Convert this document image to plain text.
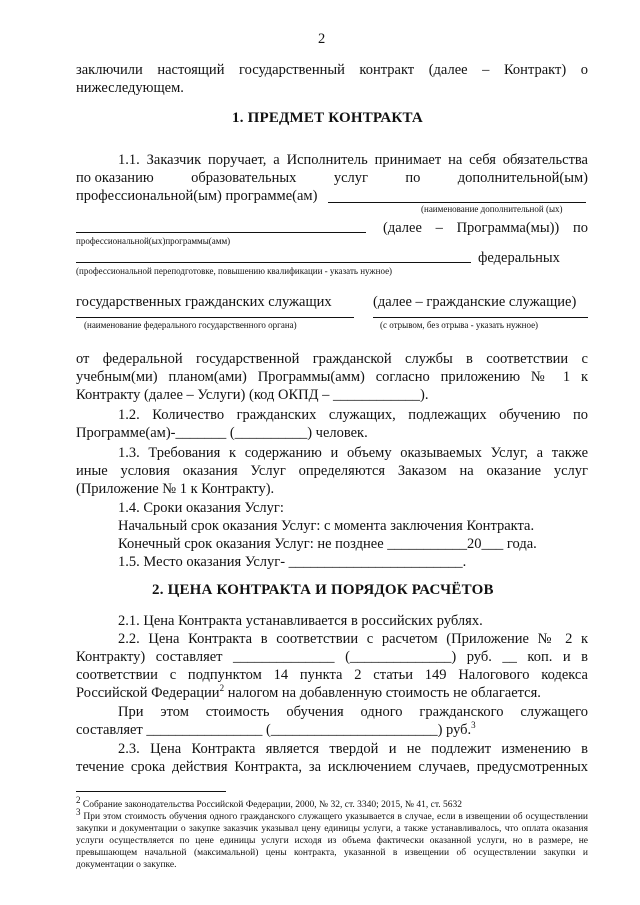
2
заключили настоящий государственный контракт (далее – Контракт) о
нижеследующем.
1. ПРЕДМЕТ КОНТРАКТА
1.1. Заказчик поручает, а Исполнитель принимает на себя обязательства
по оказанию	образовательных	услуг	по	дополнительной(ым)
профессиональной(ым) программе(ам)
(наименование дополнительной (ых)
(далее – Программа(мы)) по
профессиональной(ых)программы(амм)
федеральных
(профессиональной переподготовке, повышению квалификации - указать нужное)
государственных гражданских служащих	(далее – гражданские служащие)
(наименование федерального государственного органа)	(с отрывом, без отрыва - указать нужное)
от федеральной государственной гражданской службы в соответствии с
учебным(ми) планом(ами) Программы(амм) согласно приложению № 1 к
Контракту (далее – Услуги) (код ОКПД – ____________).
1.2. Количество гражданских служащих, подлежащих обучению по
Программе(ам)-_______ (__________) человек.
1.3. Требования к содержанию и объему оказываемых Услуг, а также
иные условия оказания Услуг определяются Заказом на оказание услуг
(Приложение № 1 к Контракту).
1.4. Сроки оказания Услуг:
Начальный срок оказания Услуг: с момента заключения Контракта.
Конечный срок оказания Услуг: не позднее ___________20___ года.
1.5. Место оказания Услуг- ________________________.
2. ЦЕНА КОНТРАКТА И ПОРЯДОК РАСЧЁТОВ
2.1. Цена Контракта устанавливается в российских рублях.
2.2. Цена Контракта в соответствии с расчетом (Приложение № 2 к
Контракту) составляет ______________ (______________) руб. __ коп. и в
соответствии с подпунктом 14 пункта 2 статьи 149 Налогового кодекса
Российской Федерации$^2$ налогом на добавленную стоимость не облагается.
При этом стоимость обучения одного гражданского служащего
составляет ________________ (_______________________) руб.$^3$
2.3. Цена Контракта является твердой и не подлежит изменению в
течение срока действия Контракта, за исключением случаев, предусмотренных
$^2$ Собрание законодательства Российской Федерации, 2000, № 32, ст. 3340; 2015, № 41, ст. 5632
$^3$ При этом стоимость обучения одного гражданского служащего указывается в случае, если в извещении об осуществлении закупки и документации о закупке заказчик указывал цену единицы услуги, а также устанавливалось, что оплата оказания услуги осуществляется по цене единицы услуги исходя из объема фактически оказанной услуги, но в размере, не превышающем начальной (максимальной) цены контракта, указанной в извещении об осуществлении закупки и документации о закупке.
